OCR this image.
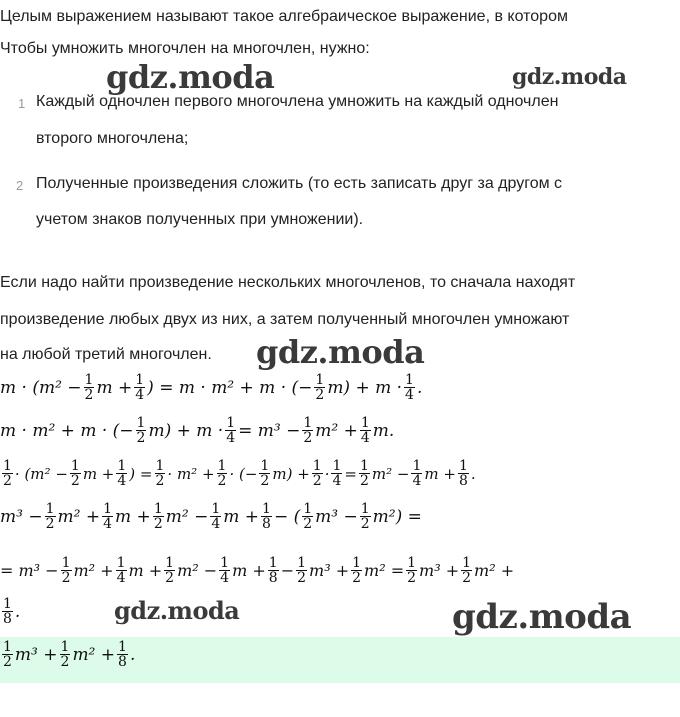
Целым выражением называют такое алгебраическое выражение, в котором
Чтобы умножить многочлен на многочлен, нужно:
gdz.moda	gdz.moda
1 Каждый одночлен первого многочлена умножить на каждый одночлен
второго многочлена;
2 Полученные произведения сложить (то есть записать друг за другом с
учетом знаков полученных при умножении).
Если надо найти произведение нескольких многочленов, то сначала находят
произведение любых двух из них, а затем полученный многочлен умножают
на любой третий многочлен. gdz.moda
$m \cdot (m^2 - \frac{1}{2}$ $m + \frac{1}{4}$ ) = m · m² + m · (− $\frac{1}{2} m) + m \cdot \frac{1}{4}$ .
m · m² + m · (− $\frac{1}{2} m) + m \cdot \frac{1}{4} = m^3 - \frac{1}{2} m^2 + \frac{1}{4} m$.
$\frac{1}{2} \cdot (m^2 - \frac{1}{2}$ $m + \frac{1}{4}$ ) = $\frac{1}{2} \cdot m^2 + \frac{1}{2}$ · (− $\frac{1}{2} m) + \frac{1}{2} \cdot \frac{1}{4} = \frac{1}{2} m^2 - \frac{1}{4}$ $m + \frac{1}{8}$ .
$m^3 - \frac{1}{2} m^2 + \frac{1}{4}$ $m + \frac{1}{2} m^2 - \frac{1}{4}$ $m + \frac{1}{8}$ − ( $\frac{1}{2} m^3 - \frac{1}{2} m^2$) =
= $m^3 - \frac{1}{2} m^2 + \frac{1}{4}$ $m + \frac{1}{2} m^2 - \frac{1}{4}$ $m + \frac{1}{8} - \frac{1}{2} m^3 + \frac{1}{2} m^2 = \frac{1}{2} m^3 + \frac{1}{2} m^2$ +
$\frac{1}{8}$ .	gdz.moda	gdz.moda
$\frac{1}{2} m^3 + \frac{1}{2} m^2 + \frac{1}{8}$ .
